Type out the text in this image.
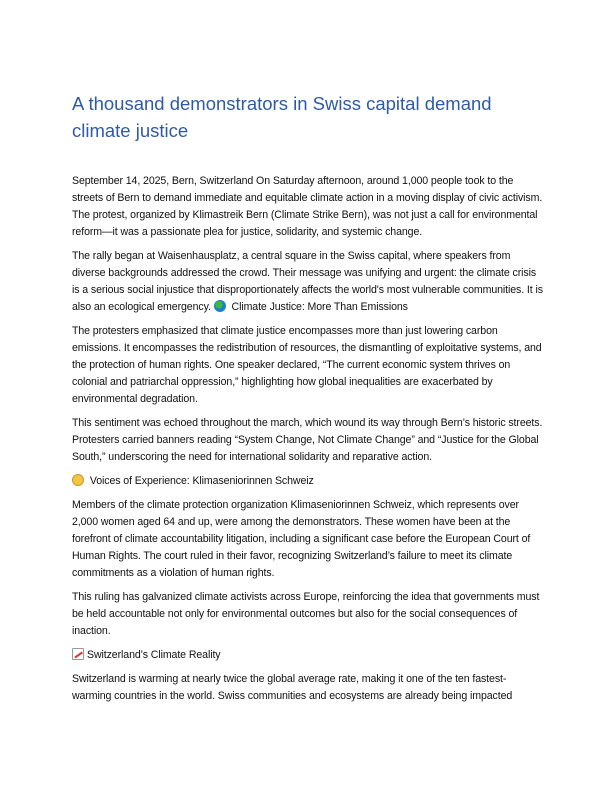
A thousand demonstrators in Swiss capital demand climate justice

September 14, 2025, Bern, Switzerland On Saturday afternoon, around 1,000 people took to the streets of Bern to demand immediate and equitable climate action in a moving display of civic activism. The protest, organized by Klimastreik Bern (Climate Strike Bern), was not just a call for environmental reform—it was a passionate plea for justice, solidarity, and systemic change.

The rally began at Waisenhausplatz, a central square in the Swiss capital, where speakers from diverse backgrounds addressed the crowd. Their message was unifying and urgent: the climate crisis is a serious social injustice that disproportionately affects the world's most vulnerable communities. It is also an ecological emergency.  Climate Justice: More Than Emissions

The protesters emphasized that climate justice encompasses more than just lowering carbon emissions. It encompasses the redistribution of resources, the dismantling of exploitative systems, and the protection of human rights. One speaker declared, “The current economic system thrives on colonial and patriarchal oppression,” highlighting how global inequalities are exacerbated by environmental degradation.

This sentiment was echoed throughout the march, which wound its way through Bern’s historic streets. Protesters carried banners reading “System Change, Not Climate Change” and “Justice for the Global South,” underscoring the need for international solidarity and reparative action.

Voices of Experience: Klimaseniorinnen Schweiz

Members of the climate protection organization Klimaseniorinnen Schweiz, which represents over 2,000 women aged 64 and up, were among the demonstrators. These women have been at the forefront of climate accountability litigation, including a significant case before the European Court of Human Rights. The court ruled in their favor, recognizing Switzerland’s failure to meet its climate commitments as a violation of human rights.

This ruling has galvanized climate activists across Europe, reinforcing the idea that governments must be held accountable not only for environmental outcomes but also for the social consequences of inaction.

Switzerland’s Climate Reality

Switzerland is warming at nearly twice the global average rate, making it one of the ten fastest-warming countries in the world. Swiss communities and ecosystems are already being impacted
